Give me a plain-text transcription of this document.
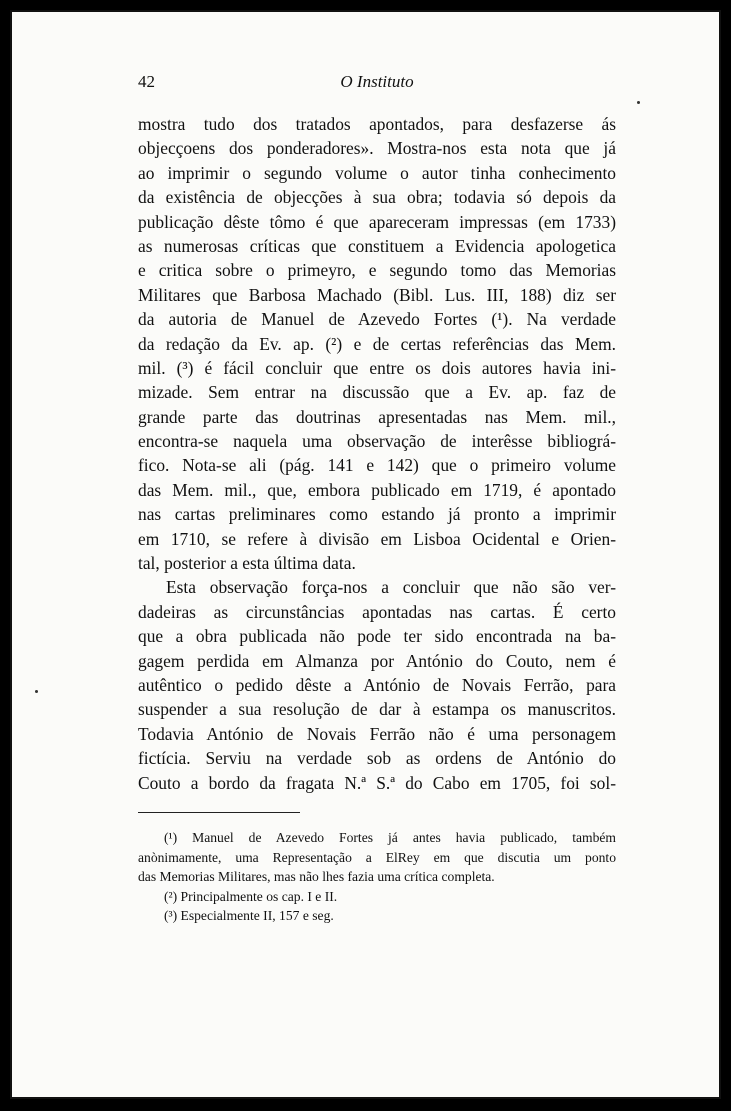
42	O Instituto
mostra tudo dos tratados apontados, para desfazerse ás
objecçoens dos ponderadores». Mostra-nos esta nota que já
ao imprimir o segundo volume o autor tinha conhecimento
da existência de objecções à sua obra; todavia só depois da
publicação dêste tômo é que apareceram impressas (em 1733)
as numerosas críticas que constituem a Evidencia apologetica
e critica sobre o primeyro, e segundo tomo das Memorias
Militares que Barbosa Machado (Bibl. Lus. III, 188) diz ser
da autoria de Manuel de Azevedo Fortes (¹). Na verdade
da redação da Ev. ap. (²) e de certas referências das Mem.
mil. (³) é fácil concluir que entre os dois autores havia ini-
mizade. Sem entrar na discussão que a Ev. ap. faz de
grande parte das doutrinas apresentadas nas Mem. mil.,
encontra-se naquela uma observação de interêsse bibliográ-
fico. Nota-se ali (pág. 141 e 142) que o primeiro volume
das Mem. mil., que, embora publicado em 1719, é apontado
nas cartas preliminares como estando já pronto a imprimir
em 1710, se refere à divisão em Lisboa Ocidental e Orien-
tal, posterior a esta última data.
Esta observação força-nos a concluir que não são ver-
dadeiras as circunstâncias apontadas nas cartas. É certo
que a obra publicada não pode ter sido encontrada na ba-
gagem perdida em Almanza por António do Couto, nem é
autêntico o pedido dêste a António de Novais Ferrão, para
suspender a sua resolução de dar à estampa os manuscritos.
Todavia António de Novais Ferrão não é uma personagem
fictícia. Serviu na verdade sob as ordens de António do
Couto a bordo da fragata N.ª S.ª do Cabo em 1705, foi sol-
(¹) Manuel de Azevedo Fortes já antes havia publicado, também
anònimamente, uma Representação a ElRey em que discutia um ponto
das Memorias Militares, mas não lhes fazia uma crítica completa.
(²) Principalmente os cap. I e II.
(³) Especialmente II, 157 e seg.
